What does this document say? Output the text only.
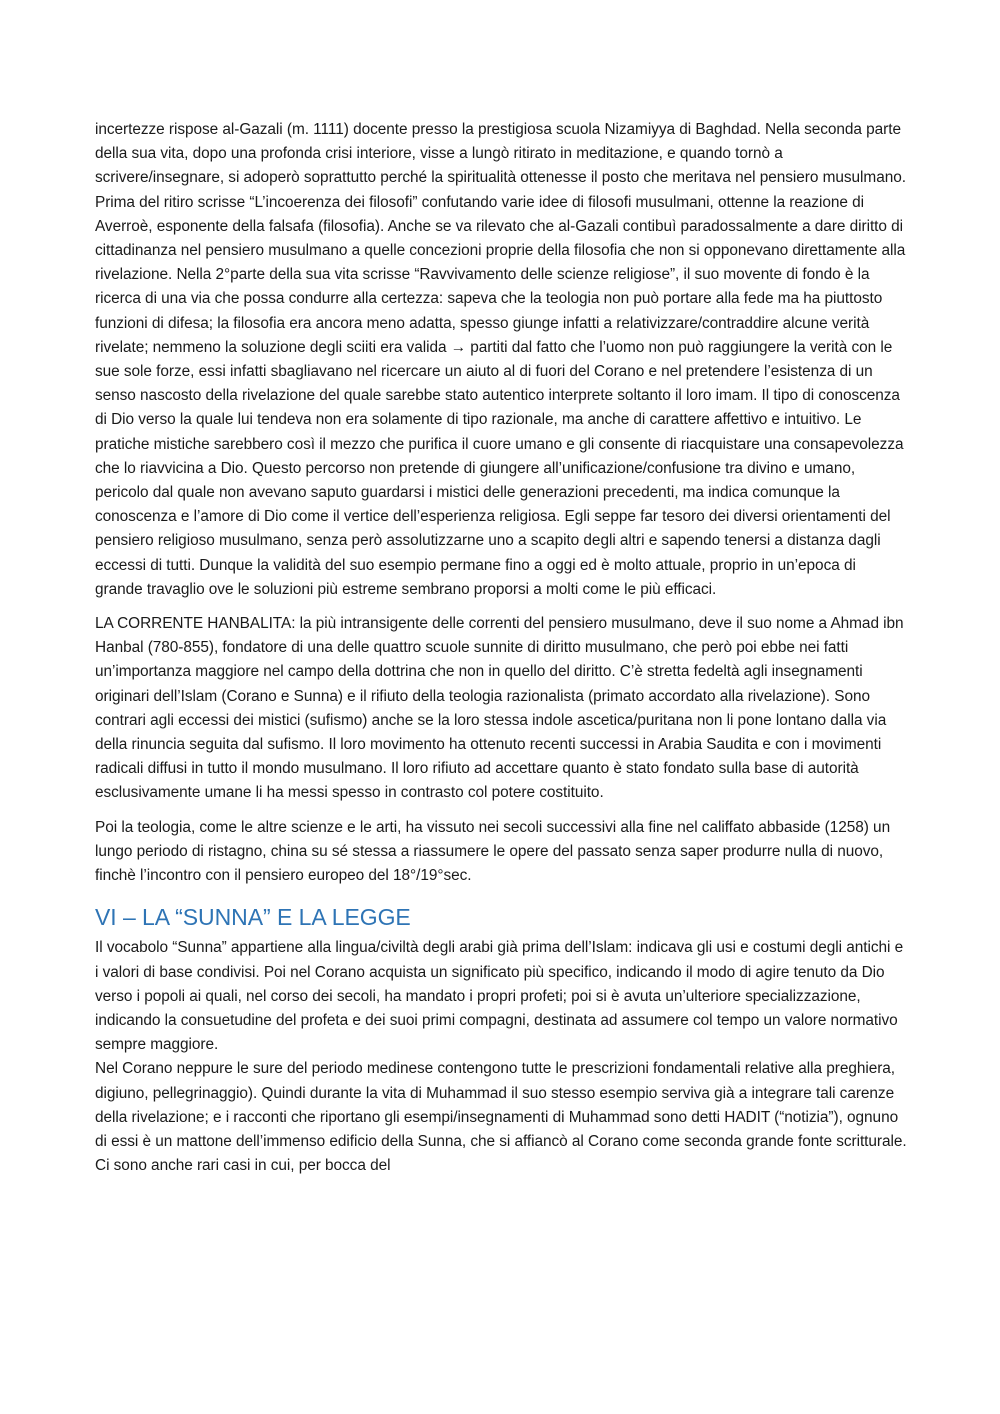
incertezze rispose al-Gazali (m. 1111) docente presso la prestigiosa scuola Nizamiyya di Baghdad. Nella seconda parte della sua vita, dopo una profonda crisi interiore, visse a lungò ritirato in meditazione, e quando tornò a scrivere/insegnare, si adoperò soprattutto perché la spiritualità ottenesse il posto che meritava nel pensiero musulmano. Prima del ritiro scrisse “L’incoerenza dei filosofi” confutando varie idee di filosofi musulmani, ottenne la reazione di Averroè, esponente della falsafa (filosofia). Anche se va rilevato che al-Gazali contibuì paradossalmente a dare diritto di cittadinanza nel pensiero musulmano a quelle concezioni proprie della filosofia che non si opponevano direttamente alla rivelazione. Nella 2°parte della sua vita scrisse “Ravvivamento delle scienze religiose”, il suo movente di fondo è la ricerca di una via che possa condurre alla certezza: sapeva che la teologia non può portare alla fede ma ha piuttosto funzioni di difesa; la filosofia era ancora meno adatta, spesso giunge infatti a relativizzare/contraddire alcune verità rivelate; nemmeno la soluzione degli sciiti era valida → partiti dal fatto che l’uomo non può raggiungere la verità con le sue sole forze, essi infatti sbagliavano nel ricercare un aiuto al di fuori del Corano e nel pretendere l’esistenza di un senso nascosto della rivelazione del quale sarebbe stato autentico interprete soltanto il loro imam. Il tipo di conoscenza di Dio verso la quale lui tendeva non era solamente di tipo razionale, ma anche di carattere affettivo e intuitivo. Le pratiche mistiche sarebbero così il mezzo che purifica il cuore umano e gli consente di riacquistare una consapevolezza che lo riavvicina a Dio. Questo percorso non pretende di giungere all’unificazione/confusione tra divino e umano, pericolo dal quale non avevano saputo guardarsi i mistici delle generazioni precedenti, ma indica comunque la conoscenza e l’amore di Dio come il vertice dell’esperienza religiosa. Egli seppe far tesoro dei diversi orientamenti del pensiero religioso musulmano, senza però assolutizzarne uno a scapito degli altri e sapendo tenersi a distanza dagli eccessi di tutti. Dunque la validità del suo esempio permane fino a oggi ed è molto attuale, proprio in un’epoca di grande travaglio ove le soluzioni più estreme sembrano proporsi a molti come le più efficaci.

LA CORRENTE HANBALITA: la più intransigente delle correnti del pensiero musulmano, deve il suo nome a Ahmad ibn Hanbal (780-855), fondatore di una delle quattro scuole sunnite di diritto musulmano, che però poi ebbe nei fatti un’importanza maggiore nel campo della dottrina che non in quello del diritto. C’è stretta fedeltà agli insegnamenti originari dell’Islam (Corano e Sunna) e il rifiuto della teologia razionalista (primato accordato alla rivelazione). Sono contrari agli eccessi dei mistici (sufismo) anche se la loro stessa indole ascetica/puritana non li pone lontano dalla via della rinuncia seguita dal sufismo. Il loro movimento ha ottenuto recenti successi in Arabia Saudita e con i movimenti radicali diffusi in tutto il mondo musulmano. Il loro rifiuto ad accettare quanto è stato fondato sulla base di autorità esclusivamente umane li ha messi spesso in contrasto col potere costituito.

Poi la teologia, come le altre scienze e le arti, ha vissuto nei secoli successivi alla fine nel califfato abbaside (1258) un lungo periodo di ristagno, china su sé stessa a riassumere le opere del passato senza saper produrre nulla di nuovo, finchè l’incontro con il pensiero europeo del 18°/19°sec.

VI – LA “SUNNA” E LA LEGGE

Il vocabolo “Sunna” appartiene alla lingua/civiltà degli arabi già prima dell’Islam: indicava gli usi e costumi degli antichi e i valori di base condivisi. Poi nel Corano acquista un significato più specifico, indicando il modo di agire tenuto da Dio verso i popoli ai quali, nel corso dei secoli, ha mandato i propri profeti; poi si è avuta un’ulteriore specializzazione, indicando la consuetudine del profeta e dei suoi primi compagni, destinata ad assumere col tempo un valore normativo sempre maggiore.

Nel Corano neppure le sure del periodo medinese contengono tutte le prescrizioni fondamentali relative alla preghiera, digiuno, pellegrinaggio). Quindi durante la vita di Muhammad il suo stesso esempio serviva già a integrare tali carenze della rivelazione; e i racconti che riportano gli esempi/insegnamenti di Muhammad sono detti HADIT (“notizia”), ognuno di essi è un mattone dell’immenso edificio della Sunna, che si affiancò al Corano come seconda grande fonte scritturale. Ci sono anche rari casi in cui, per bocca del
